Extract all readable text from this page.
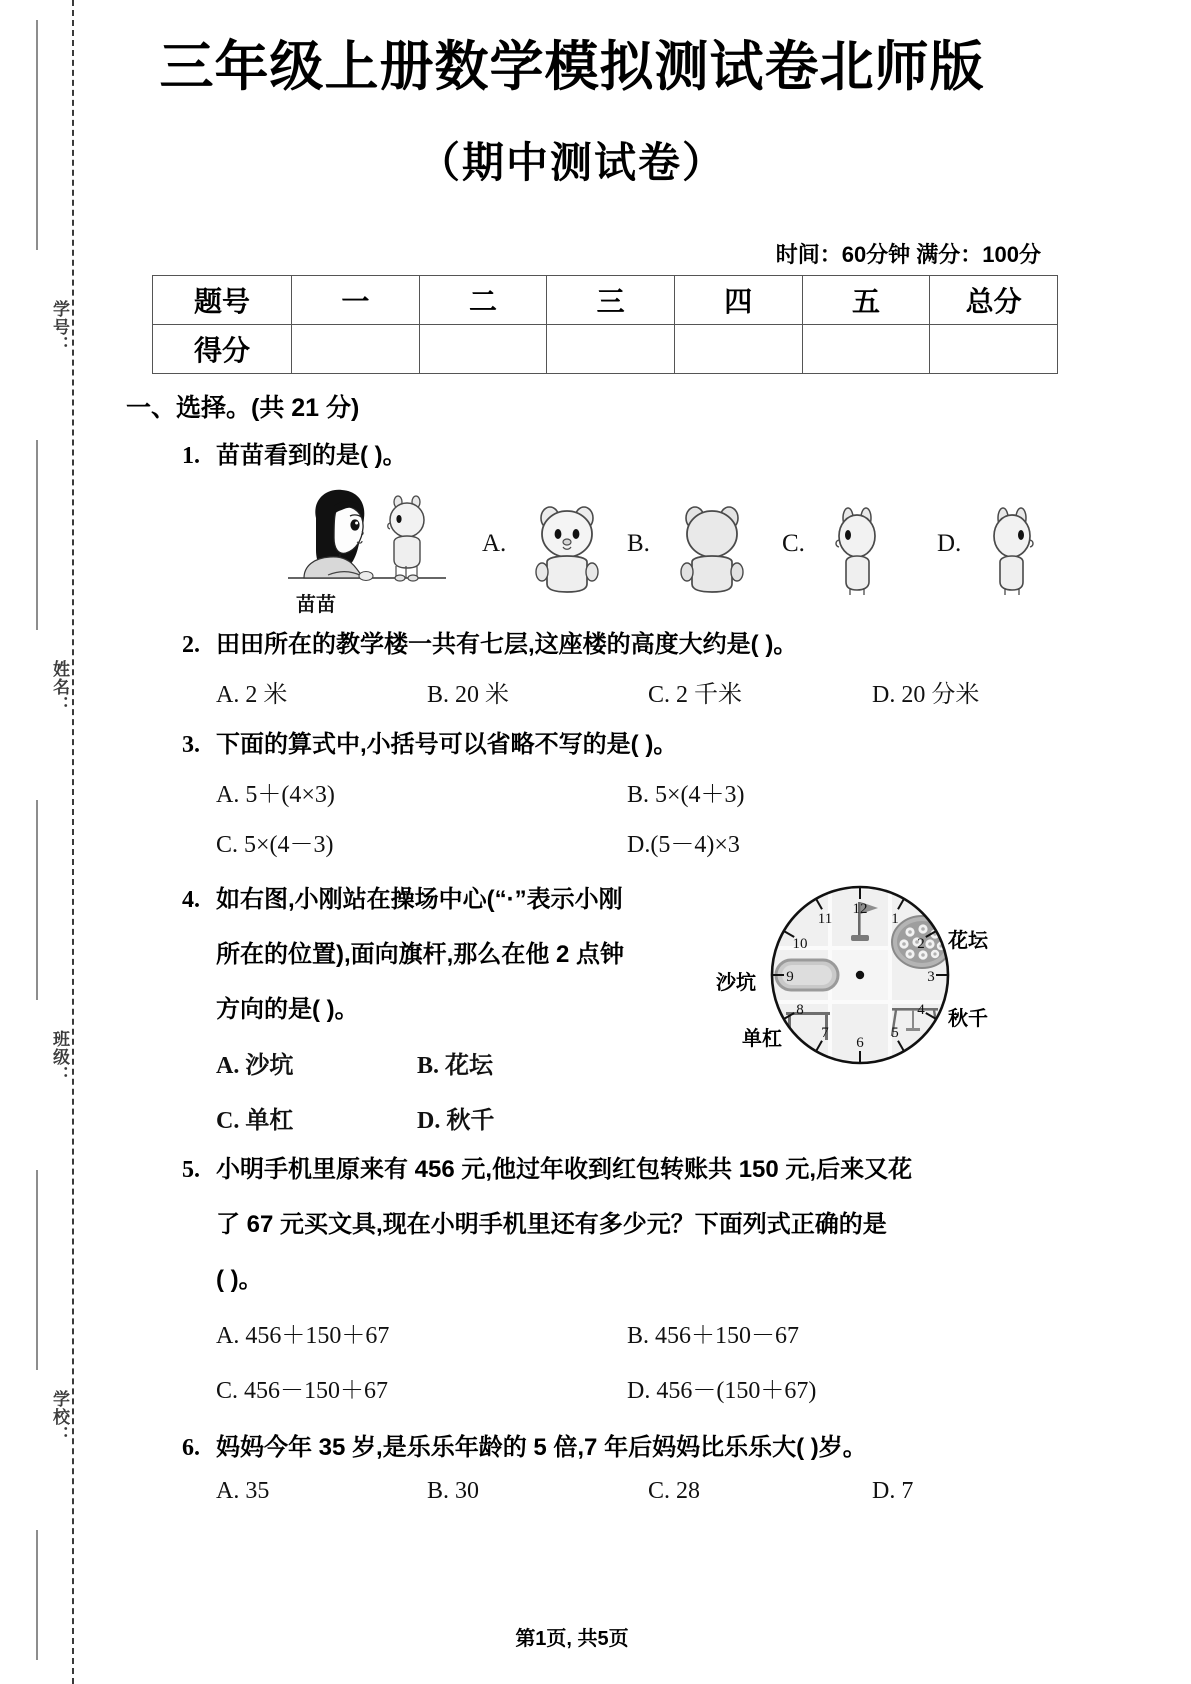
学号：
姓名：
班级：
学校：
三年级上册数学模拟测试卷北师版
（期中测试卷）
时间：60分钟 满分：100分
题号	一	二	三	四	五	总分
得分						
一、选择。(共 21 分)
1. 苗苗看到的是( )。
苗苗
A.	B.	C.	D.
2. 田田所在的教学楼一共有七层,这座楼的高度大约是( )。
A. 2 米	B. 20 米	C. 2 千米	D. 20 分米
3. 下面的算式中,小括号可以省略不写的是( )。
A. 5＋(4×3)	B. 5×(4＋3)
C. 5×(4－3)	D.(5－4)×3
4. 如右图,小刚站在操场中心(“·”表示小刚
所在的位置),面向旗杆,那么在他 2 点钟
方向的是( )。
A. 沙坑	B. 花坛
C. 单杠	D. 秋千
12
1
2
3
4
5
6
7
8
9
10
11
花坛
沙坑
秋千
单杠
5. 小明手机里原来有 456 元,他过年收到红包转账共 150 元,后来又花
了 67 元买文具,现在小明手机里还有多少元？下面列式正确的是
( )。
A. 456＋150＋67	B. 456＋150－67
C. 456－150＋67	D. 456－(150＋67)
6. 妈妈今年 35 岁,是乐乐年龄的 5 倍,7 年后妈妈比乐乐大( )岁。
A. 35	B. 30	C. 28	D. 7
第1页, 共5页
